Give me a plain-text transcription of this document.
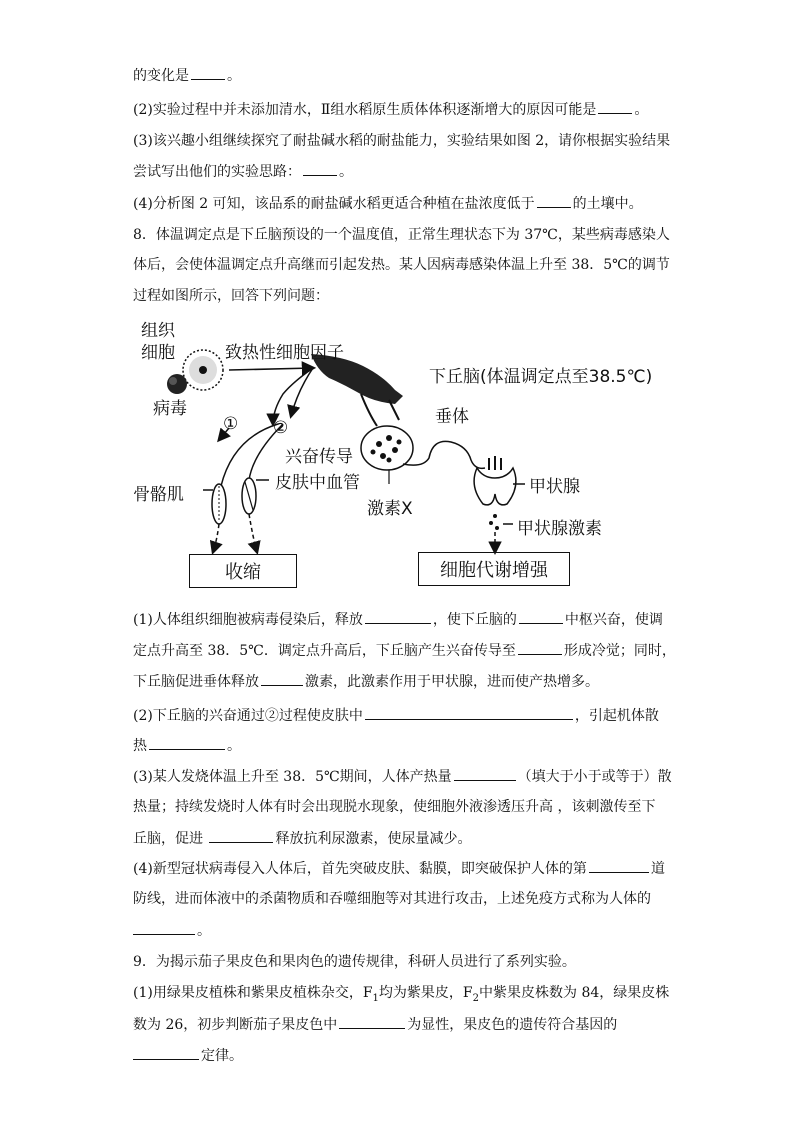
的变化是	。
(2)实验过程中并未添加清水，Ⅱ组水稻原生质体体积逐渐增大的原因可能是	。
(3)该兴趣小组继续探究了耐盐碱水稻的耐盐能力，实验结果如图 2，请你根据实验结果
尝试写出他们的实验思路：	。
(4)分析图 2 可知，该品系的耐盐碱水稻更适合种植在盐浓度低于	的土壤中。
8．体温调定点是下丘脑预设的一个温度值，正常生理状态下为 37℃，某些病毒感染人
体后，会使体温调定点升高继而引起发热。某人因病毒感染体温上升至 38．5℃的调节
过程如图所示，回答下列问题：
组织
细胞
病毒
致热性细胞因子
下丘脑(体温调定点至38.5℃)
垂体
① ②
兴奋传导
皮肤中血管
骨骼肌
激素X
甲状腺
甲状腺激素
收缩	细胞代谢增强
(1)人体组织细胞被病毒侵染后，释放	，使下丘脑的	中枢兴奋，使调
定点升高至 38．5℃．调定点升高后，下丘脑产生兴奋传导至	形成冷觉；同时，
下丘脑促进垂体释放	激素，此激素作用于甲状腺，进而使产热增多。
(2)下丘脑的兴奋通过②过程使皮肤中	，引起机体散
热	。
(3)某人发烧体温上升至 38．5℃期间，人体产热量	（填大于小于或等于）散
热量；持续发烧时人体有时会出现脱水现象，使细胞外液渗透压升高 ，该刺激传至下
丘脑，促进	释放抗利尿激素，使尿量减少。
(4)新型冠状病毒侵入人体后，首先突破皮肤、黏膜，即突破保护人体的第	道
防线，进而体液中的杀菌物质和吞噬细胞等对其进行攻击，上述免疫方式称为人体的
。
9．为揭示茄子果皮色和果肉色的遗传规律，科研人员进行了系列实验。
(1)用绿果皮植株和紫果皮植株杂交，$F_1$均为紫果皮，$F_2$中紫果皮株数为 84，绿果皮株
数为 26，初步判断茄子果皮色中	为显性，果皮色的遗传符合基因的
定律。
